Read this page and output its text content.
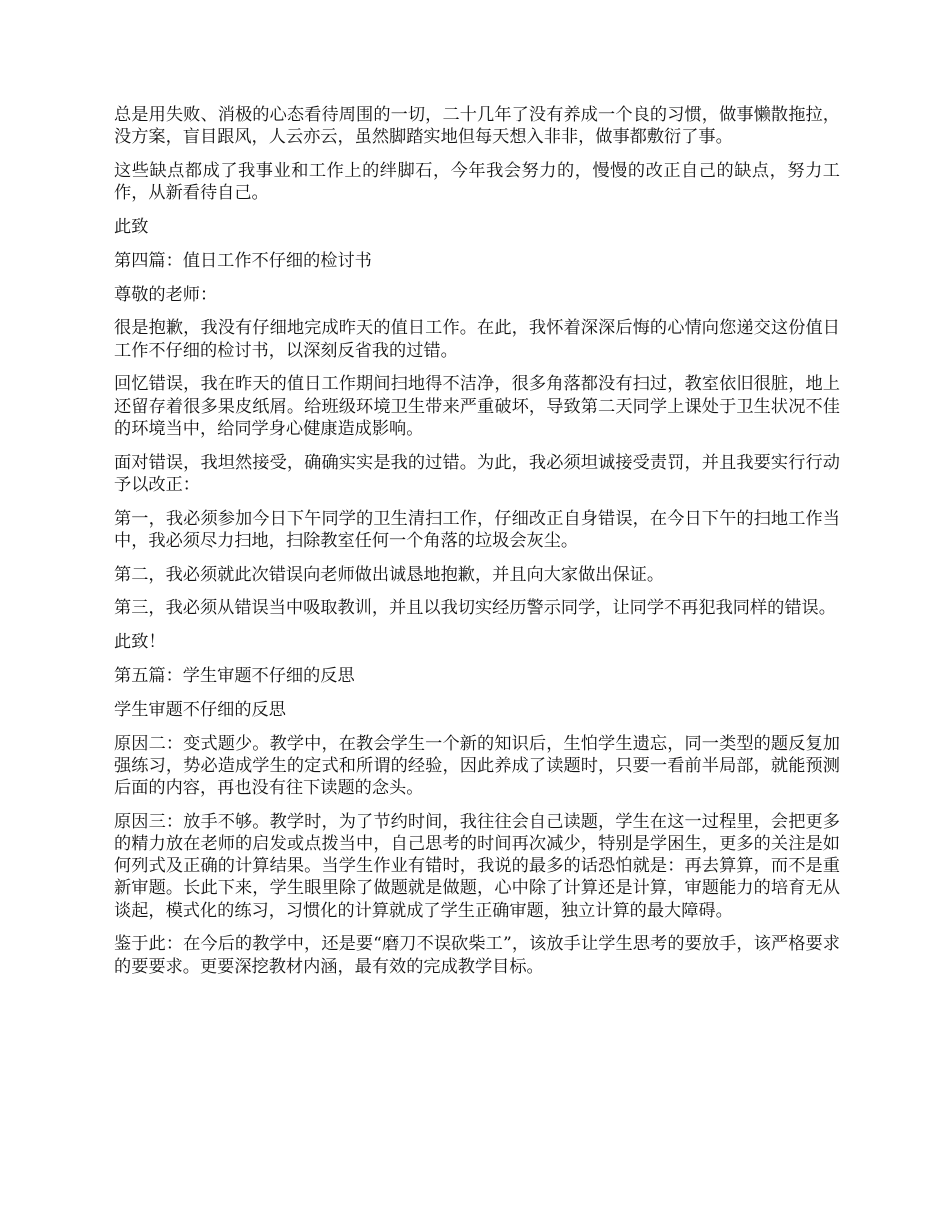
总是用失败、消极的心态看待周围的一切，二十几年了没有养成一个良的习惯，做事懒散拖拉，没方案，盲目跟风，人云亦云，虽然脚踏实地但每天想入非非，做事都敷衍了事。

这些缺点都成了我事业和工作上的绊脚石，今年我会努力的，慢慢的改正自己的缺点，努力工作，从新看待自己。

此致

第四篇：值日工作不仔细的检讨书

尊敬的老师：

很是抱歉，我没有仔细地完成昨天的值日工作。在此，我怀着深深后悔的心情向您递交这份值日工作不仔细的检讨书，以深刻反省我的过错。

回忆错误，我在昨天的值日工作期间扫地得不洁净，很多角落都没有扫过，教室依旧很脏，地上还留存着很多果皮纸屑。给班级环境卫生带来严重破坏，导致第二天同学上课处于卫生状况不佳的环境当中，给同学身心健康造成影响。

面对错误，我坦然接受，确确实实是我的过错。为此，我必须坦诚接受责罚，并且我要实行行动予以改正：

第一，我必须参加今日下午同学的卫生清扫工作，仔细改正自身错误，在今日下午的扫地工作当中，我必须尽力扫地，扫除教室任何一个角落的垃圾会灰尘。

第二，我必须就此次错误向老师做出诚恳地抱歉，并且向大家做出保证。

第三，我必须从错误当中吸取教训，并且以我切实经历警示同学，让同学不再犯我同样的错误。

此致！

第五篇：学生审题不仔细的反思

学生审题不仔细的反思

原因二：变式题少。教学中，在教会学生一个新的知识后，生怕学生遗忘，同一类型的题反复加强练习，势必造成学生的定式和所谓的经验，因此养成了读题时，只要一看前半局部，就能预测后面的内容，再也没有往下读题的念头。

原因三：放手不够。教学时，为了节约时间，我往往会自己读题，学生在这一过程里，会把更多的精力放在老师的启发或点拨当中，自己思考的时间再次减少，特别是学困生，更多的关注是如何列式及正确的计算结果。当学生作业有错时，我说的最多的话恐怕就是：再去算算，而不是重新审题。长此下来，学生眼里除了做题就是做题，心中除了计算还是计算，审题能力的培育无从谈起，模式化的练习，习惯化的计算就成了学生正确审题，独立计算的最大障碍。

鉴于此：在今后的教学中，还是要“磨刀不误砍柴工”，该放手让学生思考的要放手，该严格要求的要要求。更要深挖教材内涵，最有效的完成教学目标。
